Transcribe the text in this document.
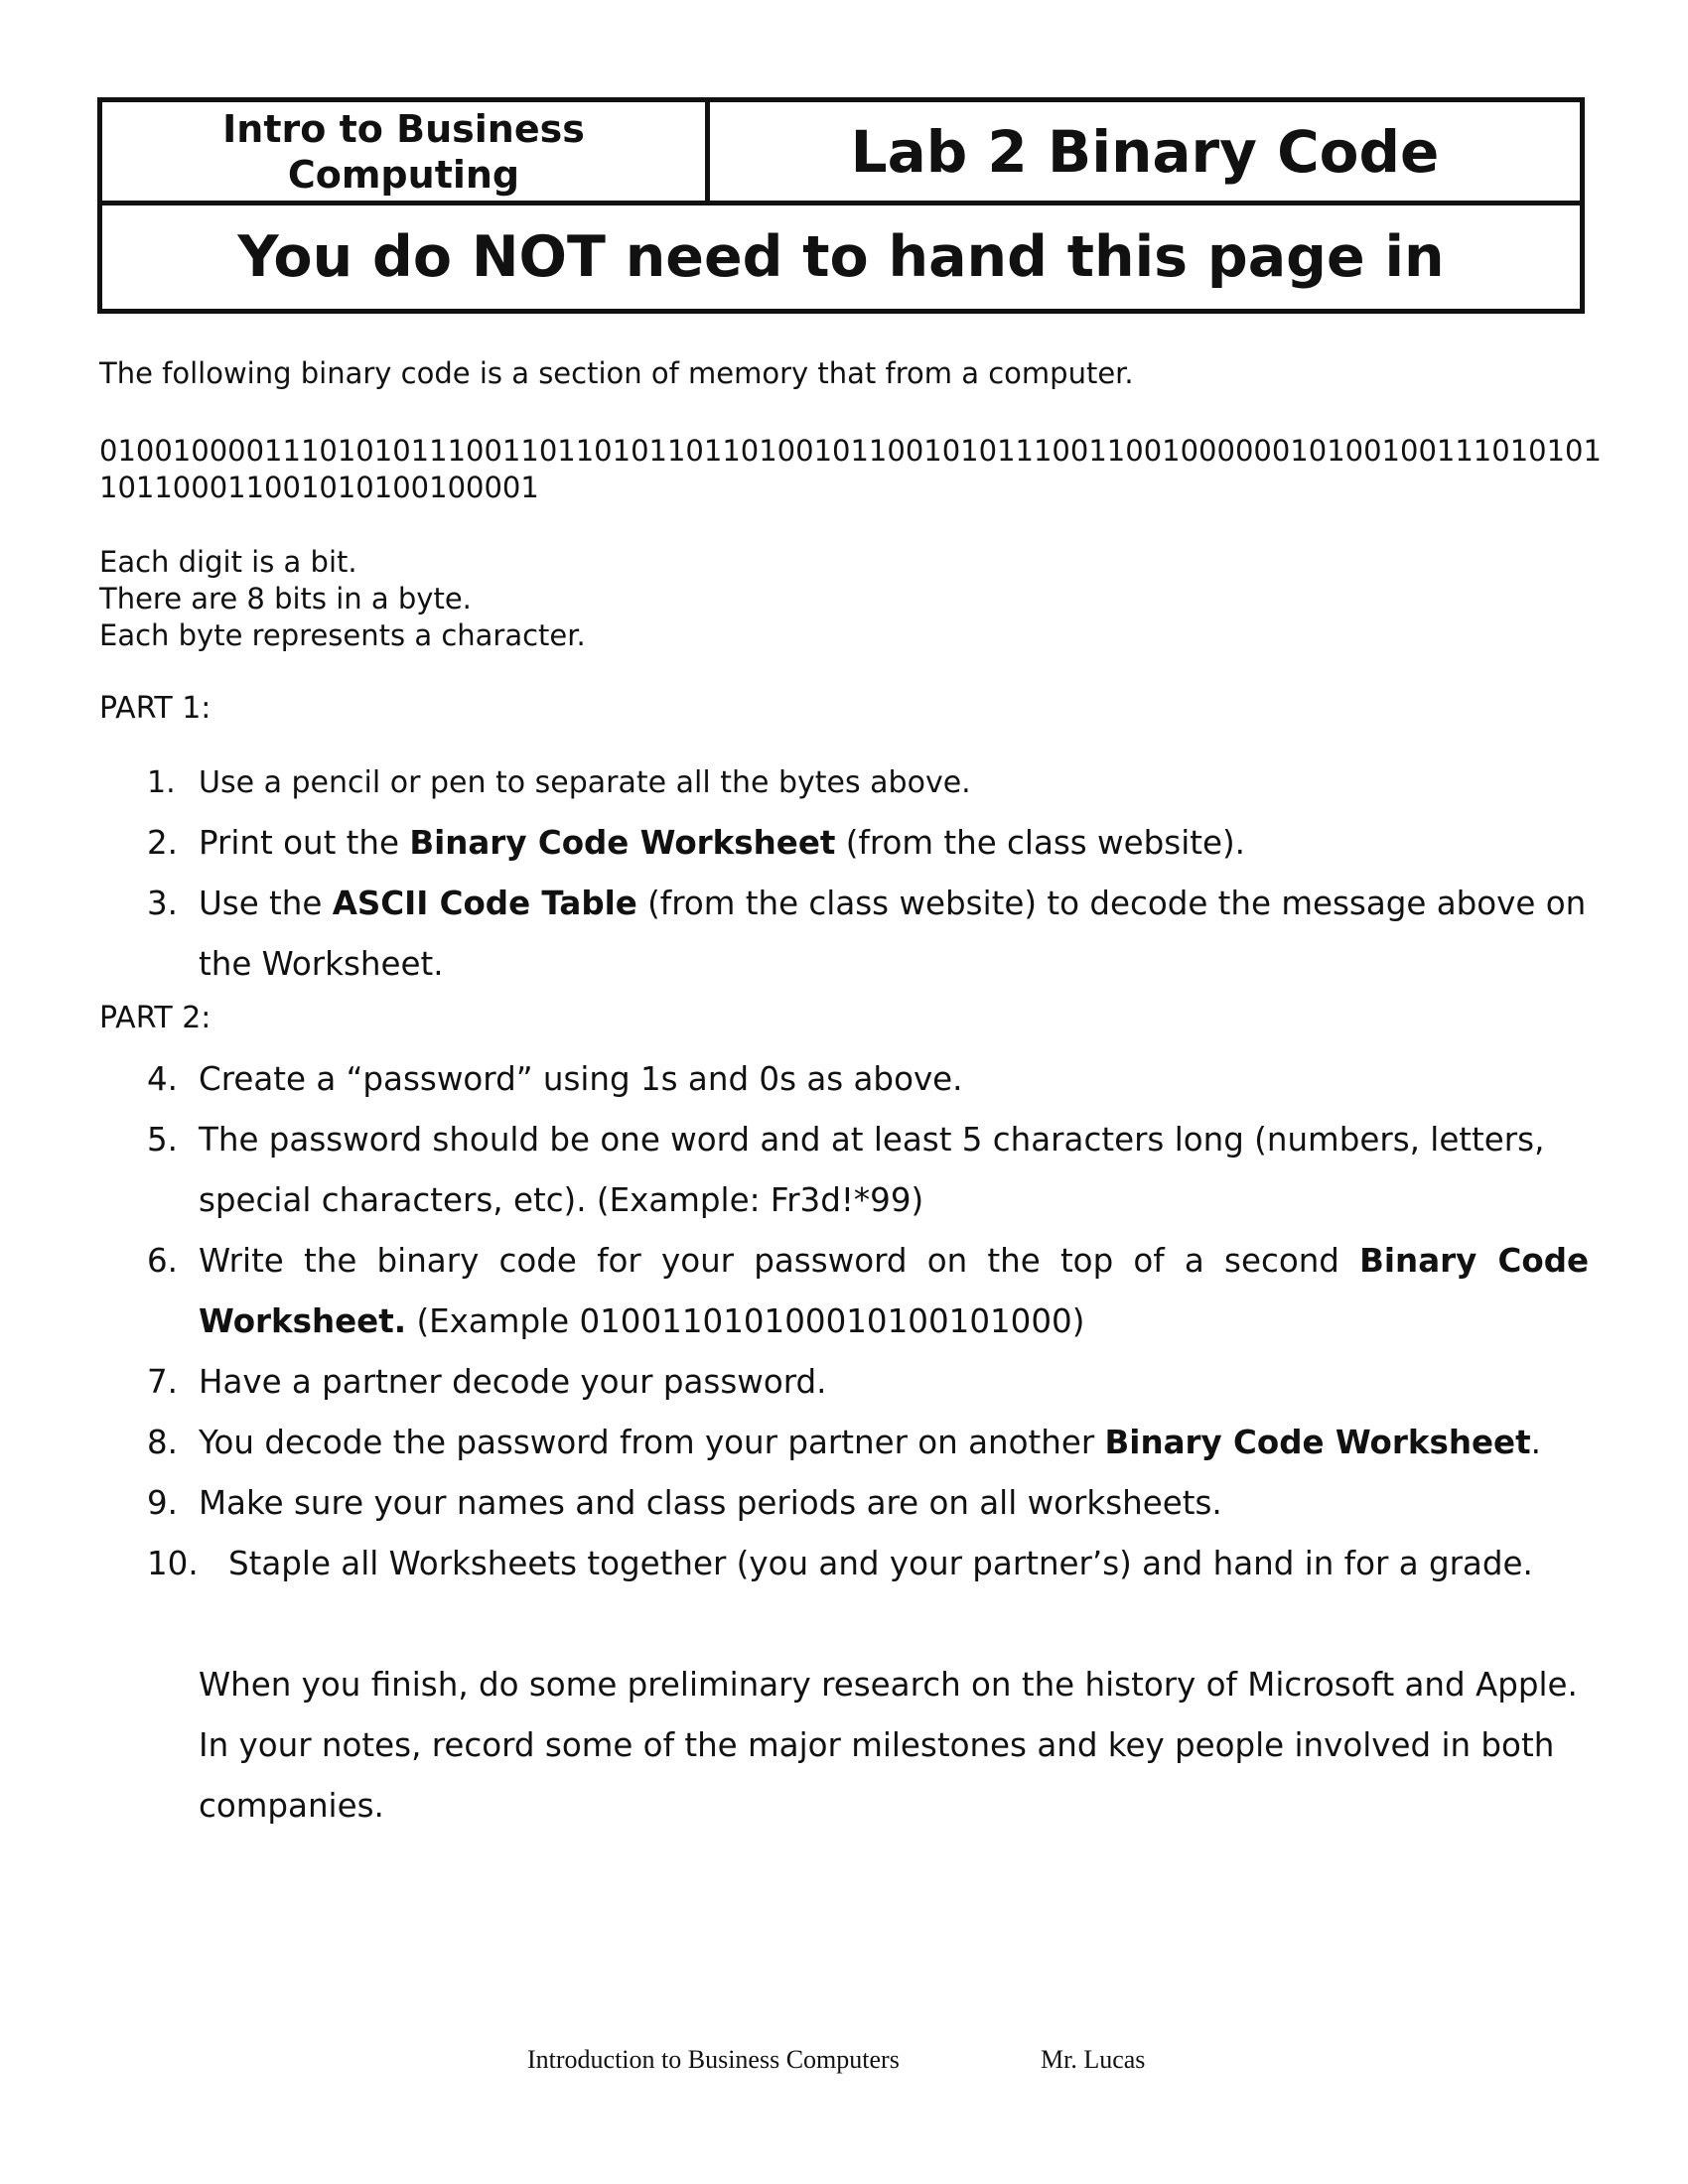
Intro to Business
Computing	Lab 2 Binary Code
You do NOT need to hand this page in
The following binary code is a section of memory that from a computer.
0100100001110101011100110110101101101001011001010111001100100000010100100111010101101100011001010100100001
Each digit is a bit.
There are 8 bits in a byte.
Each byte represents a character.
PART 1:
1. Use a pencil or pen to separate all the bytes above.
2. Print out the Binary Code Worksheet (from the class website).
3. Use the ASCII Code Table (from the class website) to decode the message above on the Worksheet.
PART 2:
4. Create a “password” using 1s and 0s as above.
5. The password should be one word and at least 5 characters long (numbers, letters, special characters, etc). (Example: Fr3d!*99)
6. Write the binary code for your password on the top of a second Binary Code Worksheet. (Example 010011010100010100101000)
7. Have a partner decode your password.
8. You decode the password from your partner on another Binary Code Worksheet.
9. Make sure your names and class periods are on all worksheets.
10. Staple all Worksheets together (you and your partner’s) and hand in for a grade.
When you finish, do some preliminary research on the history of Microsoft and Apple. In your notes, record some of the major milestones and key people involved in both companies.
Introduction to Business Computers	Mr. Lucas
